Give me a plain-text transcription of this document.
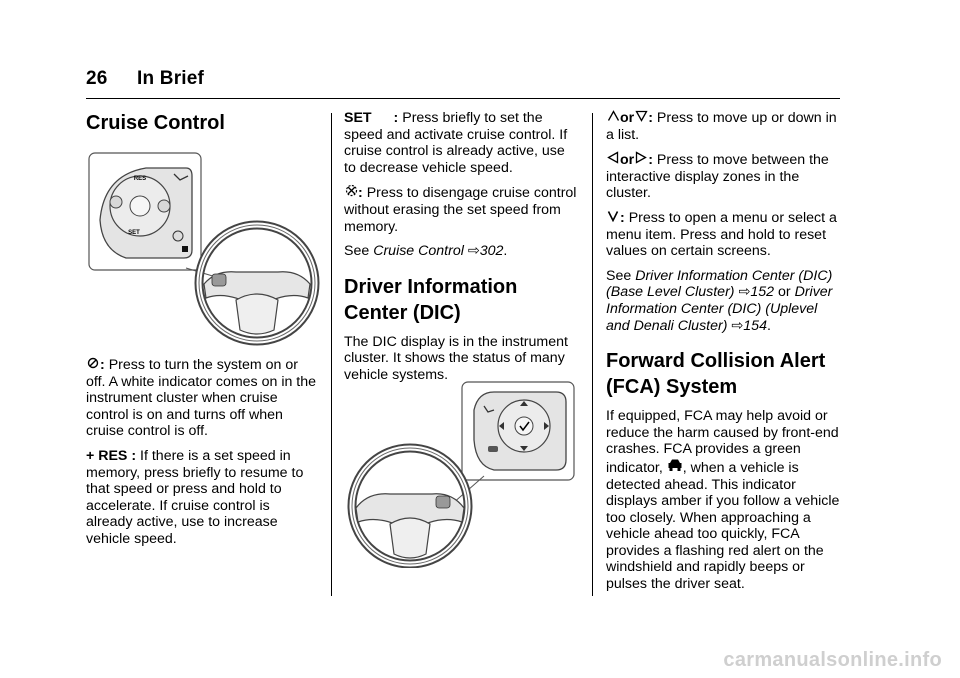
26 In Brief
Cruise Control
RES
SET

: Press to turn the system on or off. A white indicator comes on in the instrument cluster when cruise control is on and turns off when cruise control is off.

+ RES : If there is a set speed in memory, press briefly to resume to that speed or press and hold to accelerate. If cruise control is already active, use to increase vehicle speed.

SET : Press briefly to set the speed and activate cruise control. If cruise control is already active, use to decrease vehicle speed.

: Press to disengage cruise control without erasing the set speed from memory.

See Cruise Control ⇨302.

Driver Information
Center (DIC)

The DIC display is in the instrument cluster. It shows the status of many vehicle systems.

or : Press to move up or down in a list.

or : Press to move between the interactive display zones in the cluster.

: Press to open a menu or select a menu item. Press and hold to reset values on certain screens.

See Driver Information Center (DIC) (Base Level Cluster) ⇨152 or Driver Information Center (DIC) (Uplevel and Denali Cluster) ⇨154.

Forward Collision Alert
(FCA) System

If equipped, FCA may help avoid or reduce the harm caused by front-end crashes. FCA provides a green indicator, , when a vehicle is detected ahead. This indicator displays amber if you follow a vehicle too closely. When approaching a vehicle ahead too quickly, FCA provides a flashing red alert on the windshield and rapidly beeps or pulses the driver seat.

carmanualsonline.info
